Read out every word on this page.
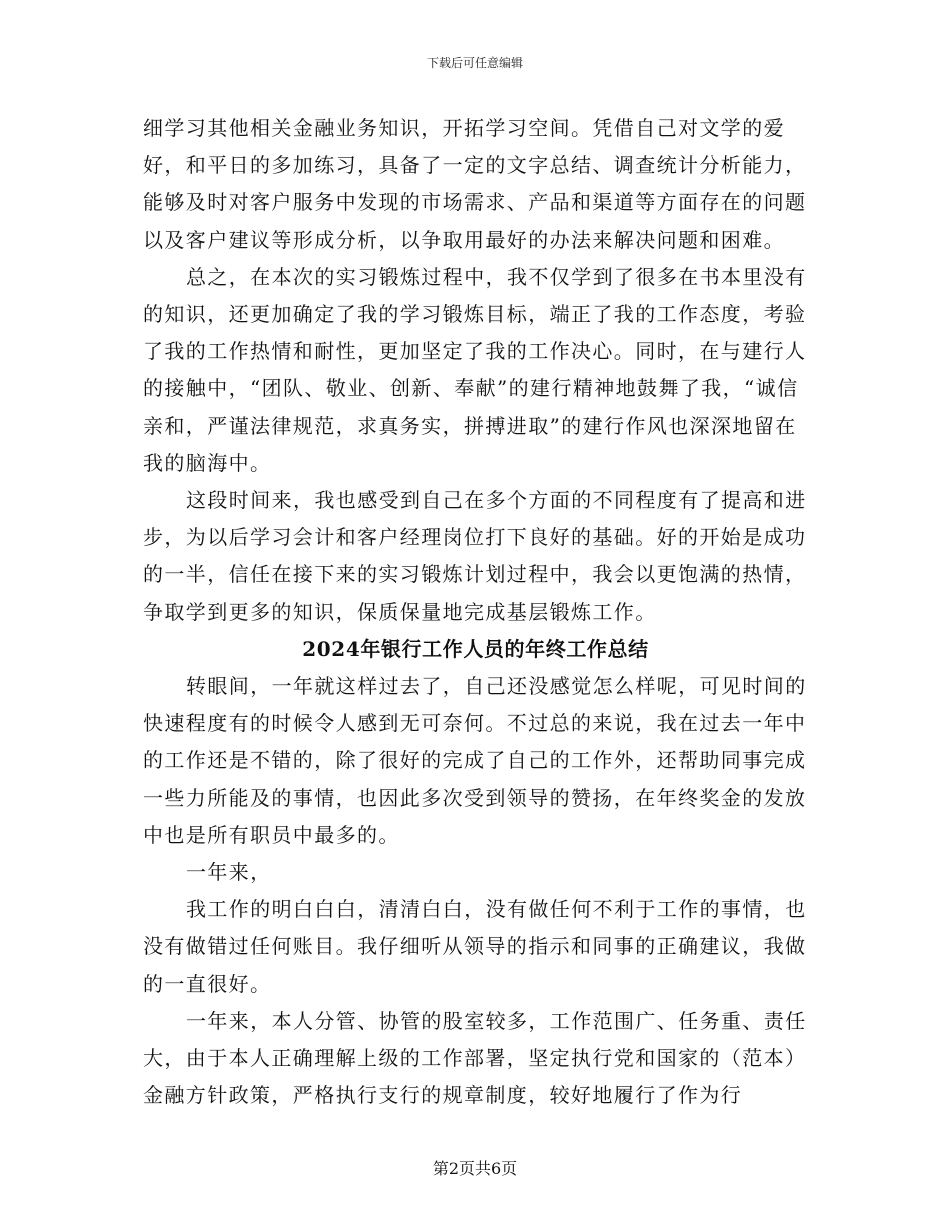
下载后可任意编辑

细学习其他相关金融业务知识，开拓学习空间。凭借自己对文学的爱好，和平日的多加练习，具备了一定的文字总结、调查统计分析能力，能够及时对客户服务中发现的市场需求、产品和渠道等方面存在的问题以及客户建议等形成分析，以争取用最好的办法来解决问题和困难。

总之，在本次的实习锻炼过程中，我不仅学到了很多在书本里没有的知识，还更加确定了我的学习锻炼目标，端正了我的工作态度，考验了我的工作热情和耐性，更加坚定了我的工作决心。同时，在与建行人的接触中，“团队、敬业、创新、奉献”的建行精神地鼓舞了我，“诚信亲和，严谨法律规范，求真务实，拼搏进取”的建行作风也深深地留在我的脑海中。

这段时间来，我也感受到自己在多个方面的不同程度有了提高和进步，为以后学习会计和客户经理岗位打下良好的基础。好的开始是成功的一半，信任在接下来的实习锻炼计划过程中，我会以更饱满的热情，争取学到更多的知识，保质保量地完成基层锻炼工作。

2024年银行工作人员的年终工作总结

转眼间，一年就这样过去了，自己还没感觉怎么样呢，可见时间的快速程度有的时候令人感到无可奈何。不过总的来说，我在过去一年中的工作还是不错的，除了很好的完成了自己的工作外，还帮助同事完成一些力所能及的事情，也因此多次受到领导的赞扬，在年终奖金的发放中也是所有职员中最多的。

一年来，

我工作的明白白白，清清白白，没有做任何不利于工作的事情，也没有做错过任何账目。我仔细听从领导的指示和同事的正确建议，我做的一直很好。

一年来，本人分管、协管的股室较多，工作范围广、任务重、责任大，由于本人正确理解上级的工作部署，坚定执行党和国家的（范本）金融方针政策，严格执行支行的规章制度，较好地履行了作为行

第2页共6页
